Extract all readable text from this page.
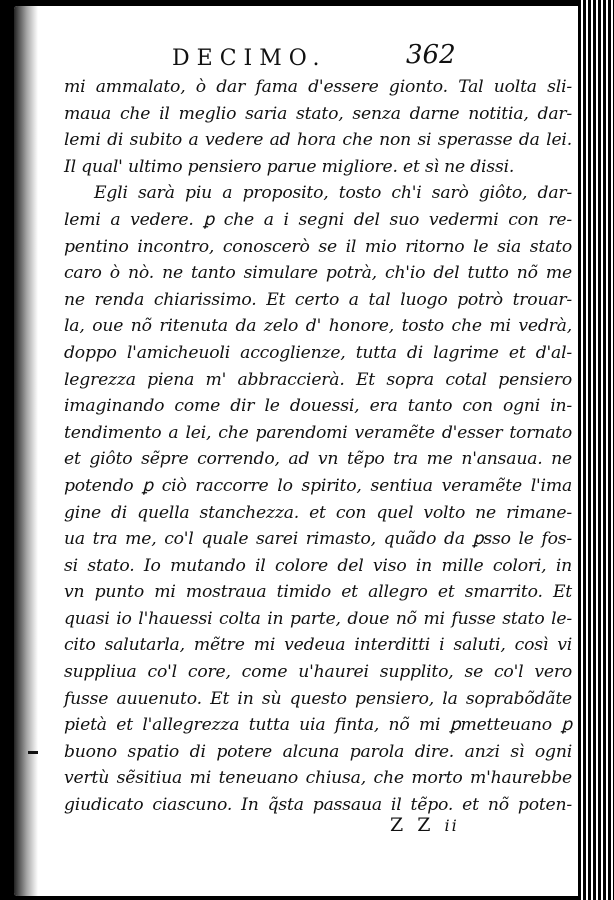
DECIMO.	362
mi ammalato, ò dar fama d'essere gionto. Tal uolta sli-
maua che il meglio saria stato, senza darne notitia, dar-
lemi di subito a vedere ad hora che non si sperasse da lei.
Il qual' ultimo pensiero parue migliore. et sì ne dissi.
Egli sarà piu a proposito, tosto ch'i sarò giôto, dar-
lemi a vedere. ꝑ che a i segni del suo vedermi con re-
pentino incontro, conoscerò se il mio ritorno le sia stato
caro ò nò. ne tanto simulare potrà, ch'io del tutto nõ me
ne renda chiarissimo. Et certo a tal luogo potrò trouar-
la, oue nõ ritenuta da zelo d' honore, tosto che mi vedrà,
doppo l'amicheuoli accoglienze, tutta di lagrime et d'al-
legrezza piena m' abbraccierà. Et sopra cotal pensiero
imaginando come dir le douessi, era tanto con ogni in-
tendimento a lei, che parendomi veramẽte d'esser tornato
et giôto sẽpre correndo, ad vn tẽpo tra me n'ansaua. ne
potendo ꝑ ciò raccorre lo spirito, sentiua veramẽte l'ima
gine di quella stanchezza. et con quel volto ne rimane-
ua tra me, co'l quale sarei rimasto, quãdo da ꝑsso le fos-
si stato. Io mutando il colore del viso in mille colori, in
vn punto mi mostraua timido et allegro et smarrito. Et
quasi io l'hauessi colta in parte, doue nõ mi fusse stato le-
cito salutarla, mẽtre mi vedeua interditti i saluti, così vi
suppliua co'l core, come u'haurei supplito, se co'l vero
fusse auuenuto. Et in sù questo pensiero, la soprabõdãte
pietà et l'allegrezza tutta uia finta, nõ mi ꝑmetteuano ꝑ
buono spatio di potere alcuna parola dire. anzi sì ogni
vertù sẽsitiua mi teneuano chiusa, che morto m'haurebbe
giudicato ciascuno. In q̃sta passaua il tẽpo. et nõ poten-
Z Z ii
